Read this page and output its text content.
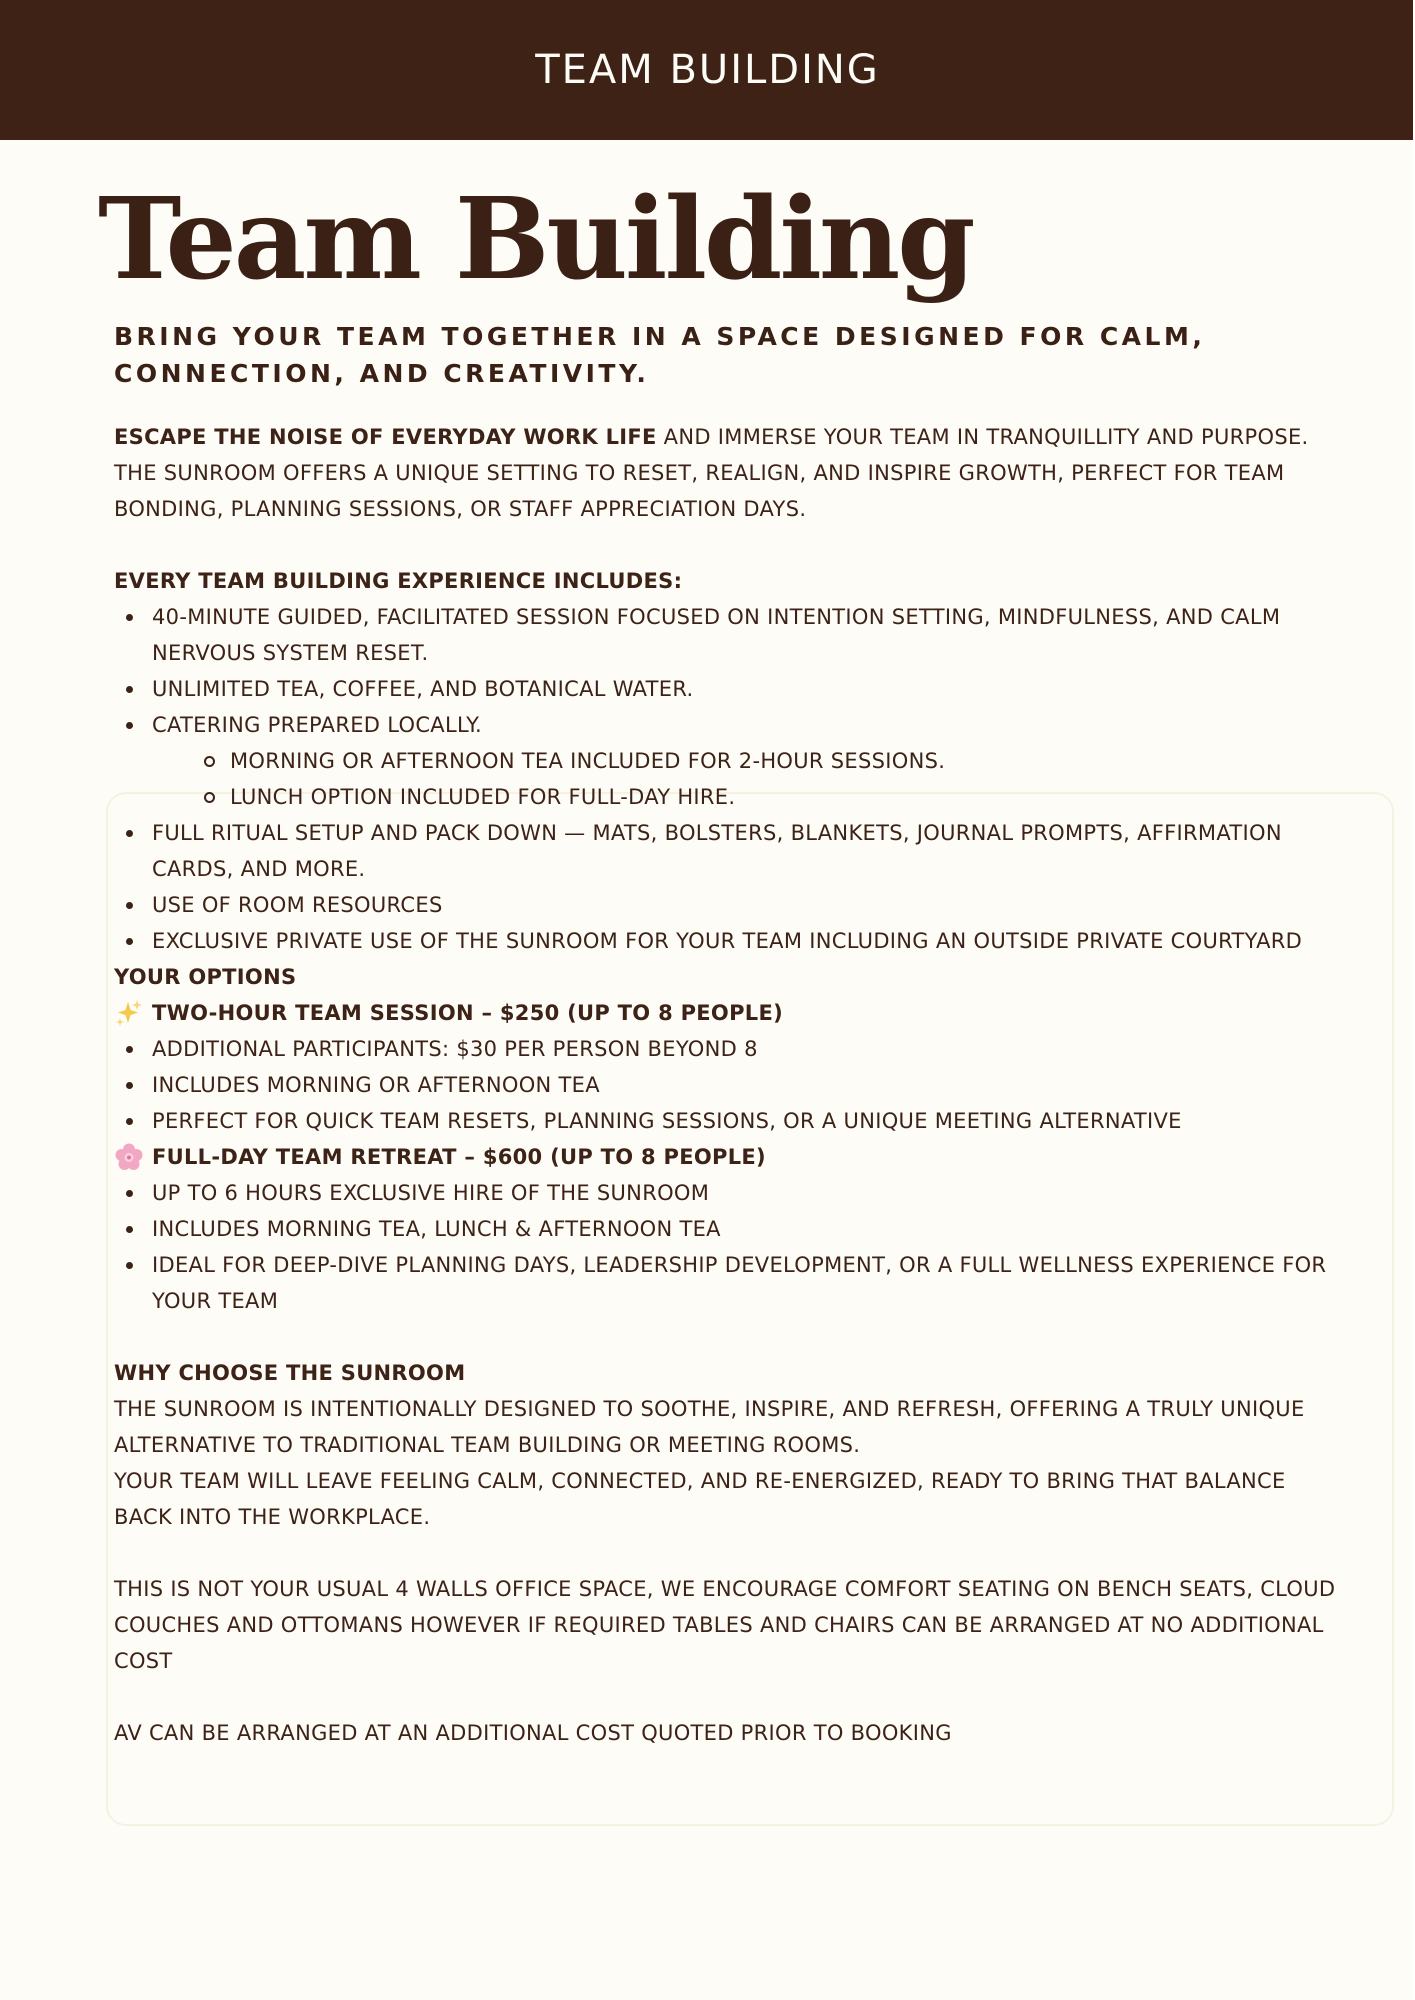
TEAM BUILDING
Team Building

BRING YOUR TEAM TOGETHER IN A SPACE DESIGNED FOR CALM, CONNECTION, AND CREATIVITY.

ESCAPE THE NOISE OF EVERYDAY WORK LIFE AND IMMERSE YOUR TEAM IN TRANQUILLITY AND PURPOSE.

THE SUNROOM OFFERS A UNIQUE SETTING TO RESET, REALIGN, AND INSPIRE GROWTH, PERFECT FOR TEAM BONDING, PLANNING SESSIONS, OR STAFF APPRECIATION DAYS.

EVERY TEAM BUILDING EXPERIENCE INCLUDES:

40-MINUTE GUIDED, FACILITATED SESSION FOCUSED ON INTENTION SETTING, MINDFULNESS, AND CALM NERVOUS SYSTEM RESET.
UNLIMITED TEA, COFFEE, AND BOTANICAL WATER.
CATERING PREPARED LOCALLY.
MORNING OR AFTERNOON TEA INCLUDED FOR 2-HOUR SESSIONS.
LUNCH OPTION INCLUDED FOR FULL-DAY HIRE.
FULL RITUAL SETUP AND PACK DOWN — MATS, BOLSTERS, BLANKETS, JOURNAL PROMPTS, AFFIRMATION CARDS, AND MORE.
USE OF ROOM RESOURCES
EXCLUSIVE PRIVATE USE OF THE SUNROOM FOR YOUR TEAM INCLUDING AN OUTSIDE PRIVATE COURTYARD

YOUR OPTIONS

TWO-HOUR TEAM SESSION – $250 (UP TO 8 PEOPLE)

ADDITIONAL PARTICIPANTS: $30 PER PERSON BEYOND 8
INCLUDES MORNING OR AFTERNOON TEA
PERFECT FOR QUICK TEAM RESETS, PLANNING SESSIONS, OR A UNIQUE MEETING ALTERNATIVE

FULL-DAY TEAM RETREAT – $600 (UP TO 8 PEOPLE)

UP TO 6 HOURS EXCLUSIVE HIRE OF THE SUNROOM
INCLUDES MORNING TEA, LUNCH & AFTERNOON TEA
IDEAL FOR DEEP-DIVE PLANNING DAYS, LEADERSHIP DEVELOPMENT, OR A FULL WELLNESS EXPERIENCE FOR YOUR TEAM

WHY CHOOSE THE SUNROOM

THE SUNROOM IS INTENTIONALLY DESIGNED TO SOOTHE, INSPIRE, AND REFRESH, OFFERING A TRULY UNIQUE ALTERNATIVE TO TRADITIONAL TEAM BUILDING OR MEETING ROOMS.

YOUR TEAM WILL LEAVE FEELING CALM, CONNECTED, AND RE-ENERGIZED, READY TO BRING THAT BALANCE BACK INTO THE WORKPLACE.

THIS IS NOT YOUR USUAL 4 WALLS OFFICE SPACE, WE ENCOURAGE COMFORT SEATING ON BENCH SEATS, CLOUD COUCHES AND OTTOMANS HOWEVER IF REQUIRED TABLES AND CHAIRS CAN BE ARRANGED AT NO ADDITIONAL COST

AV CAN BE ARRANGED AT AN ADDITIONAL COST QUOTED PRIOR TO BOOKING
